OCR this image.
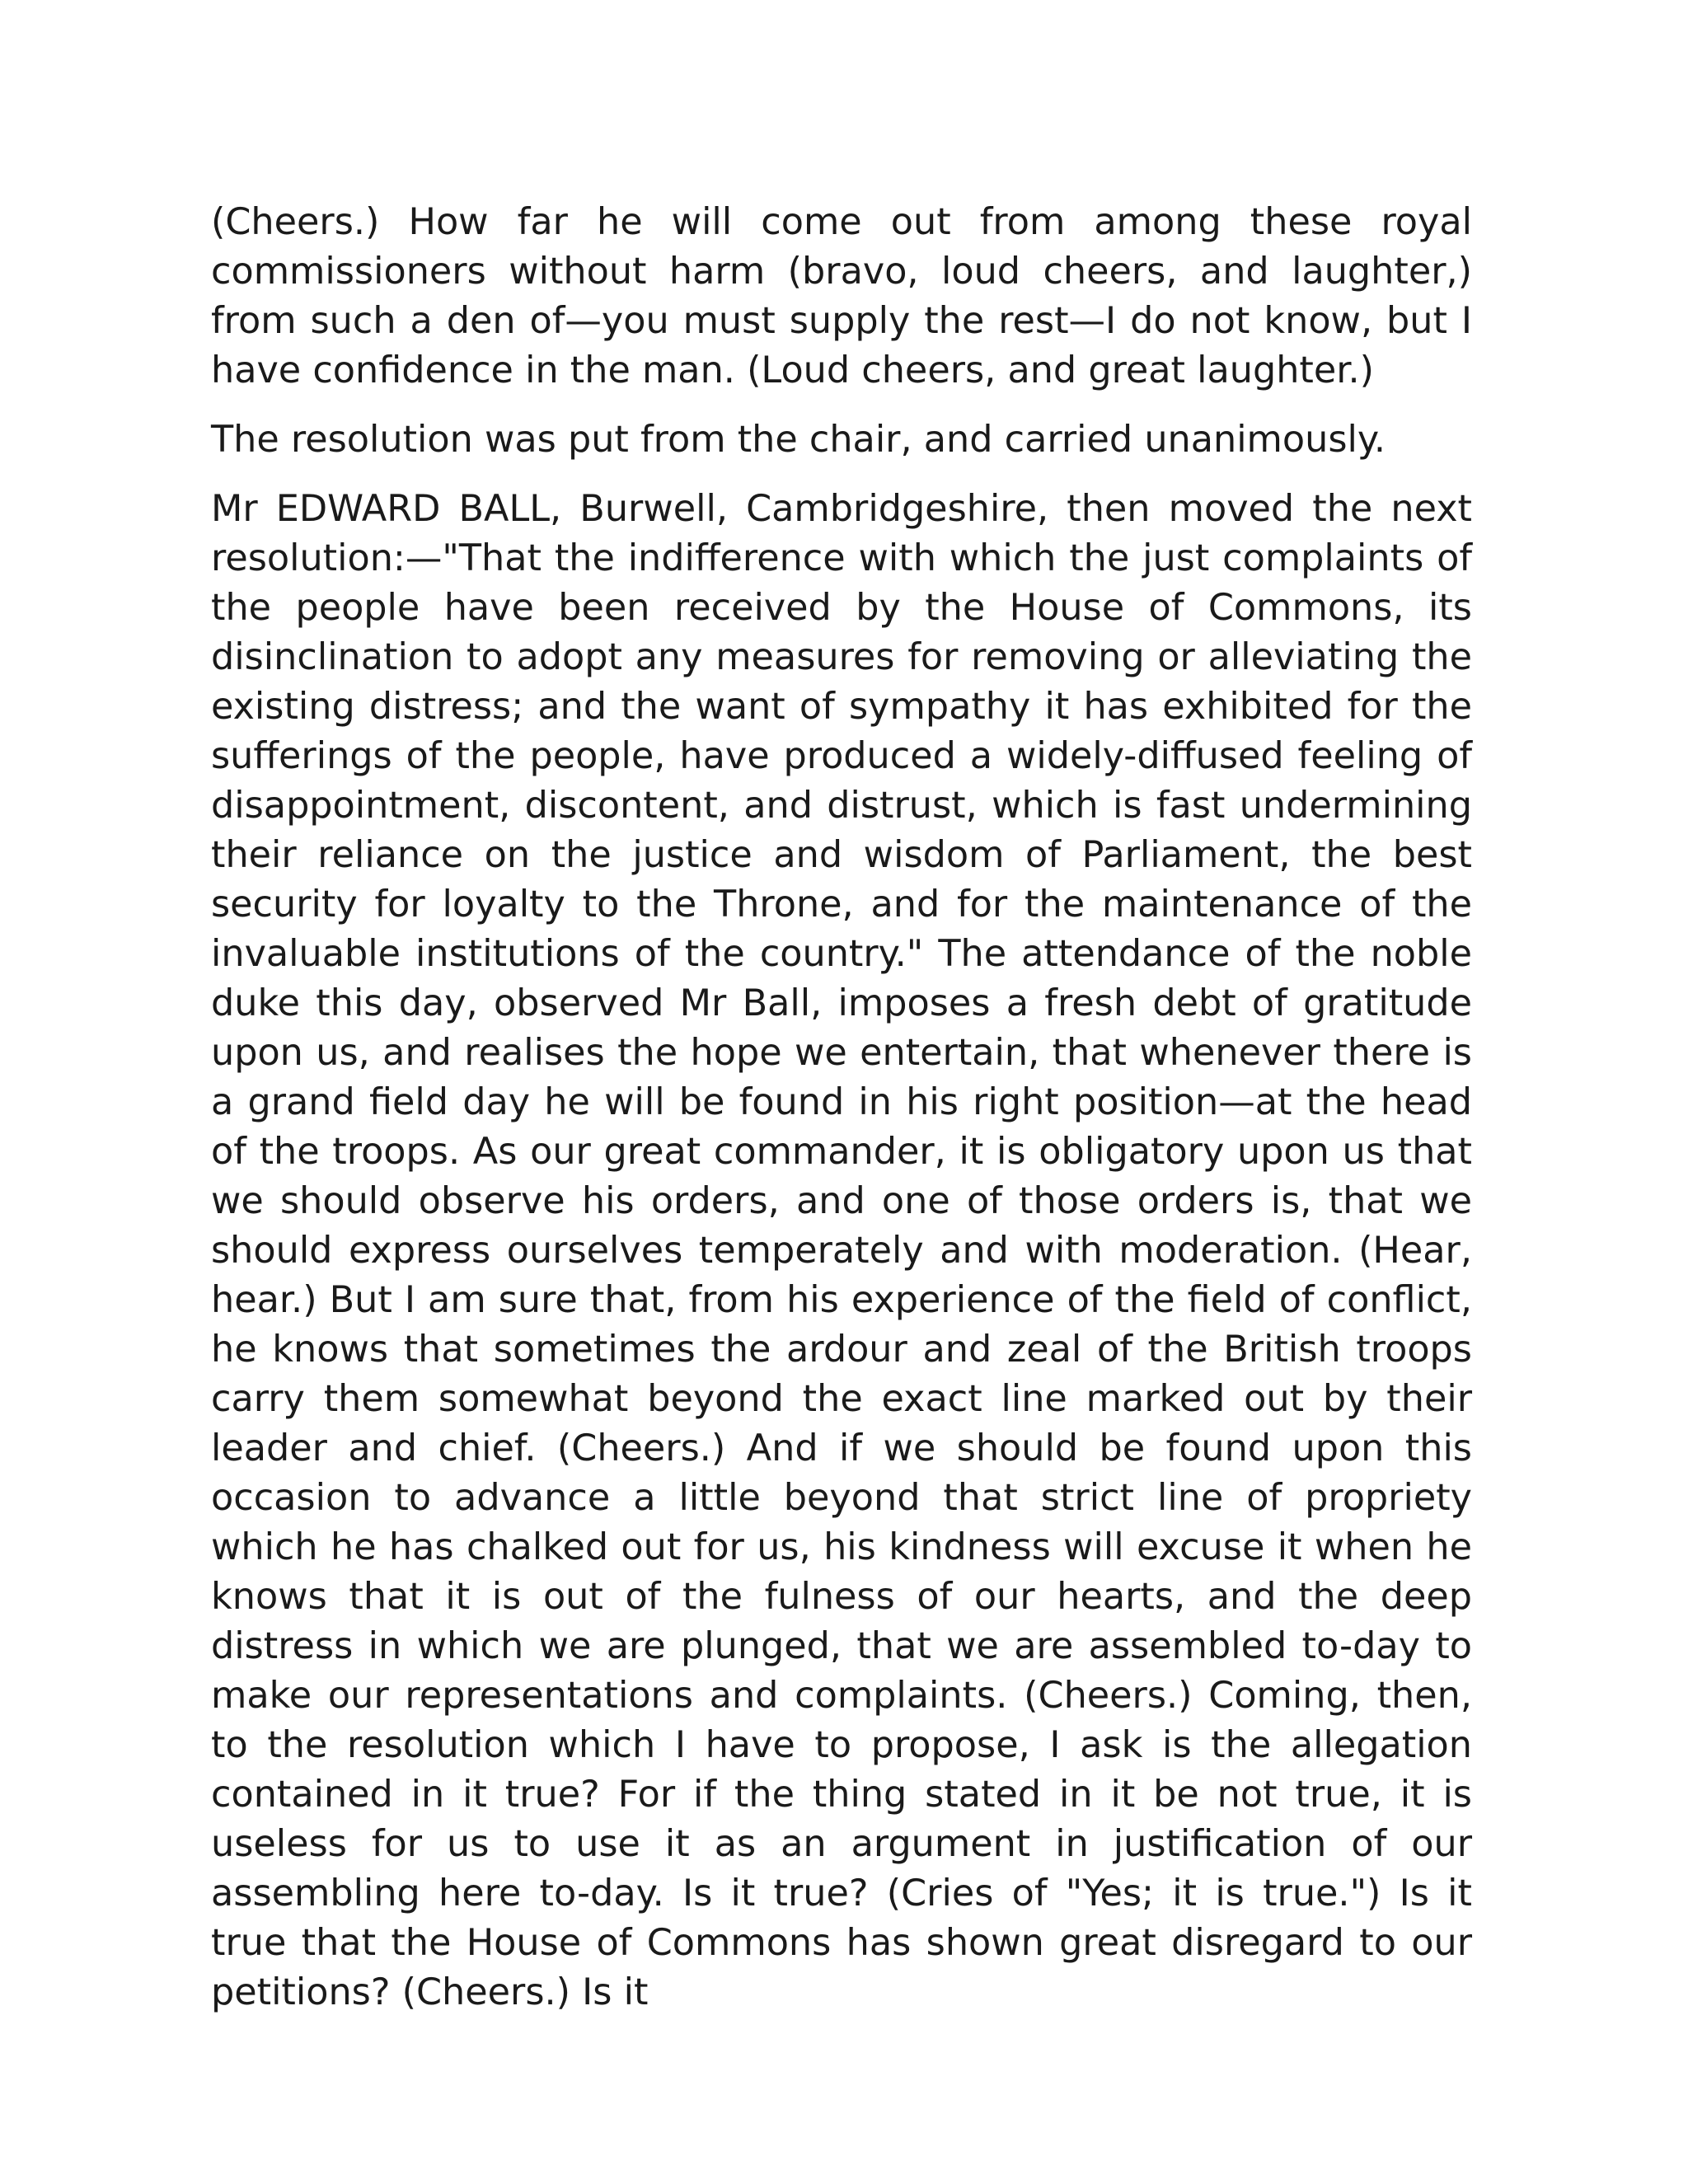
(Cheers.) How far he will come out from among these royal commissioners without harm (bravo, loud cheers, and laughter,) from such a den of—you must supply the rest—I do not know, but I have confidence in the man. (Loud cheers, and great laughter.)

The resolution was put from the chair, and carried unanimously.

Mr EDWARD BALL, Burwell, Cambridgeshire, then moved the next resolution:—"That the indifference with which the just complaints of the people have been received by the House of Commons, its disinclination to adopt any measures for removing or alleviating the existing distress; and the want of sympathy it has exhibited for the sufferings of the people, have produced a widely-diffused feeling of disappointment, discontent, and distrust, which is fast undermining their reliance on the justice and wisdom of Parliament, the best security for loyalty to the Throne, and for the maintenance of the invaluable institutions of the country." The attendance of the noble duke this day, observed Mr Ball, imposes a fresh debt of gratitude upon us, and realises the hope we entertain, that whenever there is a grand field day he will be found in his right position—at the head of the troops. As our great commander, it is obligatory upon us that we should observe his orders, and one of those orders is, that we should express ourselves temperately and with moderation. (Hear, hear.) But I am sure that, from his experience of the field of conflict, he knows that sometimes the ardour and zeal of the British troops carry them somewhat beyond the exact line marked out by their leader and chief. (Cheers.) And if we should be found upon this occasion to advance a little beyond that strict line of propriety which he has chalked out for us, his kindness will excuse it when he knows that it is out of the fulness of our hearts, and the deep distress in which we are plunged, that we are assembled to-day to make our representations and complaints. (Cheers.) Coming, then, to the resolution which I have to propose, I ask is the allegation contained in it true? For if the thing stated in it be not true, it is useless for us to use it as an argument in justification of our assembling here to-day. Is it true? (Cries of "Yes; it is true.") Is it true that the House of Commons has shown great disregard to our petitions? (Cheers.) Is it
